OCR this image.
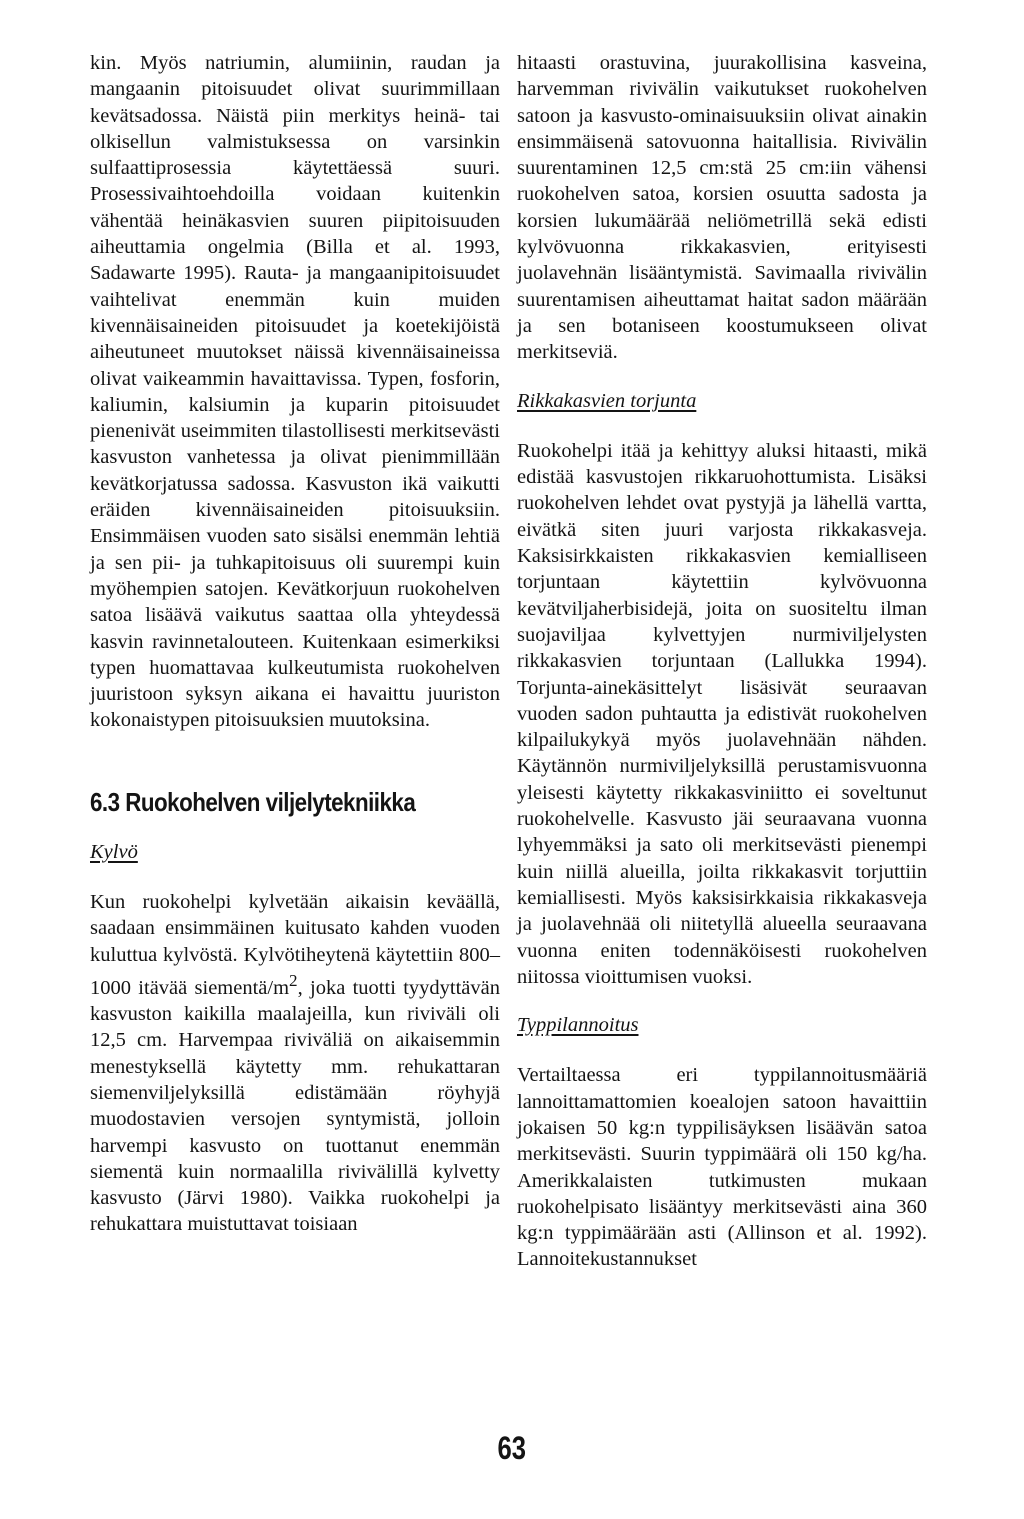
kin. Myös natriumin, alumiinin, raudan ja mangaanin pitoisuudet olivat suurimmillaan kevätsadossa. Näistä piin merkitys heinä- tai olkisellun valmistuksessa on varsinkin sulfaattiprosessia käytettäessä suuri. Prosessivaihtoehdoilla voidaan kuitenkin vähentää heinäkasvien suuren piipitoisuuden aiheuttamia ongelmia (Billa et al. 1993, Sadawarte 1995). Rauta- ja mangaanipitoisuudet vaihtelivat enemmän kuin muiden kivennäisaineiden pitoisuudet ja koetekijöistä aiheutuneet muutokset näissä kivennäisaineissa olivat vaikeammin havaittavissa. Typen, fosforin, kaliumin, kalsiumin ja kuparin pitoisuudet pienenivät useimmiten tilastollisesti merkitsevästi kasvuston vanhetessa ja olivat pienimmillään kevätkorjatussa sadossa. Kasvuston ikä vaikutti eräiden kivennäisaineiden pitoisuuksiin. Ensimmäisen vuoden sato sisälsi enemmän lehtiä ja sen pii- ja tuhkapitoisuus oli suurempi kuin myöhempien satojen. Kevätkorjuun ruokohelven satoa lisäävä vaikutus saattaa olla yhteydessä kasvin ravinnetalouteen. Kuitenkaan esimerkiksi typen huomattavaa kulkeutumista ruokohelven juuristoon syksyn aikana ei havaittu juuriston kokonaistypen pitoisuuksien muutoksina.

6.3 Ruokohelven viljelytekniikka
Kylvö

Kun ruokohelpi kylvetään aikaisin keväällä, saadaan ensimmäinen kuitusato kahden vuoden kuluttua kylvöstä. Kylvötiheytenä käytettiin 800–1000 itävää siementä/$m^2$, joka tuotti tyydyttävän kasvuston kaikilla maalajeilla, kun riviväli oli 12,5 cm. Harvempaa riviväliä on aikaisemmin menestyksellä käytetty mm. rehukattaran siemenviljelyksillä edistämään röyhyjä muodostavien versojen syntymistä, jolloin harvempi kasvusto on tuottanut enemmän siementä kuin normaalilla rivivälillä kylvetty kasvusto (Järvi 1980). Vaikka ruokohelpi ja rehukattara muistuttavat toisiaan

hitaasti orastuvina, juurakollisina kasveina, harvemman rivivälin vaikutukset ruokohelven satoon ja kasvusto-ominaisuuksiin olivat ainakin ensimmäisenä satovuonna haitallisia. Rivivälin suurentaminen 12,5 cm:stä 25 cm:iin vähensi ruokohelven satoa, korsien osuutta sadosta ja korsien lukumäärää neliömetrillä sekä edisti kylvövuonna rikkakasvien, erityisesti juolavehnän lisääntymistä. Savimaalla rivivälin suurentamisen aiheuttamat haitat sadon määrään ja sen botaniseen koostumukseen olivat merkitseviä.

Rikkakasvien torjunta

Ruokohelpi itää ja kehittyy aluksi hitaasti, mikä edistää kasvustojen rikkaruohottumista. Lisäksi ruokohelven lehdet ovat pystyjä ja lähellä vartta, eivätkä siten juuri varjosta rikkakasveja. Kaksisirkkaisten rikkakasvien kemialliseen torjuntaan käytettiin kylvövuonna kevätviljaherbisidejä, joita on suositeltu ilman suojaviljaa kylvettyjen nurmiviljelysten rikkakasvien torjuntaan (Lallukka 1994). Torjunta-ainekäsittelyt lisäsivät seuraavan vuoden sadon puhtautta ja edistivät ruokohelven kilpailukykyä myös juolavehnään nähden. Käytännön nurmiviljelyksillä perustamisvuonna yleisesti käytetty rikkakasviniitto ei soveltunut ruokohelvelle. Kasvusto jäi seuraavana vuonna lyhyemmäksi ja sato oli merkitsevästi pienempi kuin niillä alueilla, joilta rikkakasvit torjuttiin kemiallisesti. Myös kaksisirkkaisia rikkakasveja ja juolavehnää oli niitetyllä alueella seuraavana vuonna eniten todennäköisesti ruokohelven niitossa vioittumisen vuoksi.

Typpilannoitus

Vertailtaessa eri typpilannoitusmääriä lannoittamattomien koealojen satoon havaittiin jokaisen 50 kg:n typpilisäyksen lisäävän satoa merkitsevästi. Suurin typpimäärä oli 150 kg/ha. Amerikkalaisten tutkimusten mukaan ruokohelpisato lisääntyy merkitsevästi aina 360 kg:n typpimäärään asti (Allinson et al. 1992). Lannoitekustannukset

63
